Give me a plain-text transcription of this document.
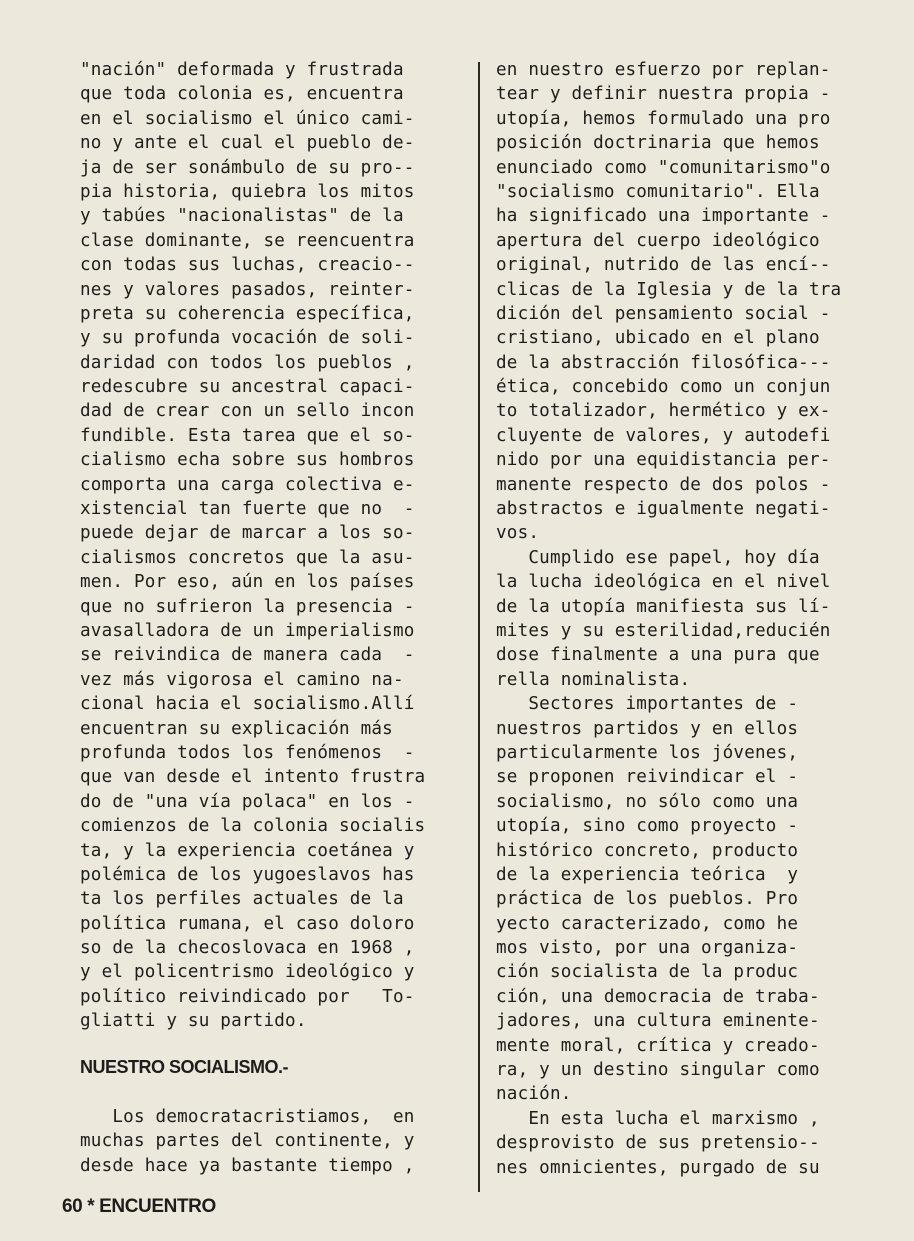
"nación" deformada y frustrada
que toda colonia es, encuentra
en el socialismo el único cami-
no y ante el cual el pueblo de-
ja de ser sonámbulo de su pro--
pia historia, quiebra los mitos
y tabúes "nacionalistas" de la
clase dominante, se reencuentra
con todas sus luchas, creacio--
nes y valores pasados, reinter-
preta su coherencia específica,
y su profunda vocación de soli-
daridad con todos los pueblos ,
redescubre su ancestral capaci-
dad de crear con un sello incon
fundible. Esta tarea que el so-
cialismo echa sobre sus hombros
comporta una carga colectiva e-
xistencial tan fuerte que no  -
puede dejar de marcar a los so-
cialismos concretos que la asu-
men. Por eso, aún en los países
que no sufrieron la presencia -
avasalladora de un imperialismo
se reivindica de manera cada  -
vez más vigorosa el camino na-
cional hacia el socialismo.Allí
encuentran su explicación más
profunda todos los fenómenos  -
que van desde el intento frustra
do de "una vía polaca" en los -
comienzos de la colonia socialis
ta, y la experiencia coetánea y
polémica de los yugoeslavos has
ta los perfiles actuales de la
política rumana, el caso doloro
so de la checoslovaca en 1968 ,
y el policentrismo ideológico y
político reivindicado por   To-
gliatti y su partido.
NUESTRO SOCIALISMO.-
Los democratacristiamos,  en
muchas partes del continente, y
desde hace ya bastante tiempo ,
en nuestro esfuerzo por replan-
tear y definir nuestra propia -
utopía, hemos formulado una pro
posición doctrinaria que hemos
enunciado como "comunitarismo"o
"socialismo comunitario". Ella
ha significado una importante -
apertura del cuerpo ideológico
original, nutrido de las encí--
clicas de la Iglesia y de la tra
dición del pensamiento social -
cristiano, ubicado en el plano
de la abstracción filosófica---
ética, concebido como un conjun
to totalizador, hermético y ex-
cluyente de valores, y autodefi
nido por una equidistancia per-
manente respecto de dos polos -
abstractos e igualmente negati-
vos.
Cumplido ese papel, hoy día
la lucha ideológica en el nivel
de la utopía manifiesta sus lí-
mites y su esterilidad,reducién
dose finalmente a una pura que
rella nominalista.
Sectores importantes de -
nuestros partidos y en ellos
particularmente los jóvenes,
se proponen reivindicar el -
socialismo, no sólo como una
utopía, sino como proyecto -
histórico concreto, producto
de la experiencia teórica  y
práctica de los pueblos. Pro
yecto caracterizado, como he
mos visto, por una organiza-
ción socialista de la produc
ción, una democracia de traba-
jadores, una cultura eminente-
mente moral, crítica y creado-
ra, y un destino singular como
nación.
En esta lucha el marxismo ,
desprovisto de sus pretensio--
nes omnicientes, purgado de su
60 * ENCUENTRO
